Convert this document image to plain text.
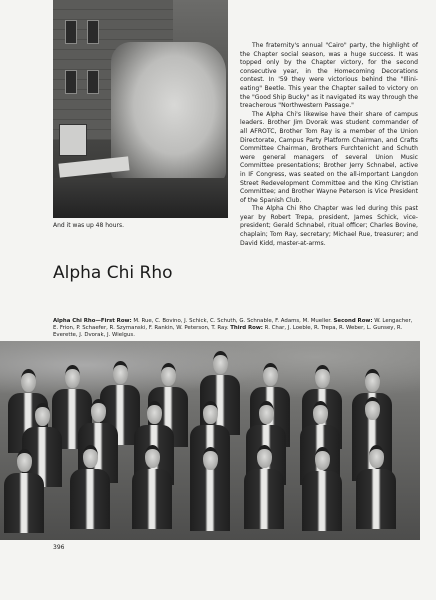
And it was up 48 hours.

The fraternity's annual "Cairo" party, the highlight of the Chapter social season, was a huge success. It was topped only by the Chapter victory, for the second consecutive year, in the Homecoming Decorations contest. In '59 they were victorious behind the "Illini-eating" Beetle. This year the Chapter sailed to victory on the "Good Ship Bucky" as it navigated its way through the treacherous "Northwestern Passage."

The Alpha Chi's likewise have their share of campus leaders. Brother Jim Dvorak was student commander of all AFROTC, Brother Tom Ray is a member of the Union Directorate, Campus Party Platform Chairman, and Crafts Committee Chairman, Brothers Furchtenicht and Schuth were general managers of several Union Music Committee presentations; Brother Jerry Schnabel, active in IF Congress, was seated on the all-important Langdon Street Redevelopment Committee and the King Christian Committee; and Brother Wayne Peterson is Vice President of the Spanish Club.

The Alpha Chi Rho Chapter was led during this past year by Robert Trepa, president, James Schick, vice-president; Gerald Schnabel, ritual officer; Charles Bovine, chaplain; Tom Ray, secretary; Michael Rue, treasurer; and David Kidd, master-at-arms.

Alpha Chi Rho
Alpha Chi Rho—First Row: M. Rue, C. Bovino, J. Schick, C. Schuth, G. Schnable, F. Adams, M. Mueller. Second Row: W. Lengacher, E. Frion, P. Schaefer, R. Szymanski, F. Rankin, W. Peterson, T. Ray. Third Row: R. Char, J. Loeble, R. Trepa, R. Weber, L. Gunsey, R. Everette, J. Dvorak, J. Wielgus.
396
